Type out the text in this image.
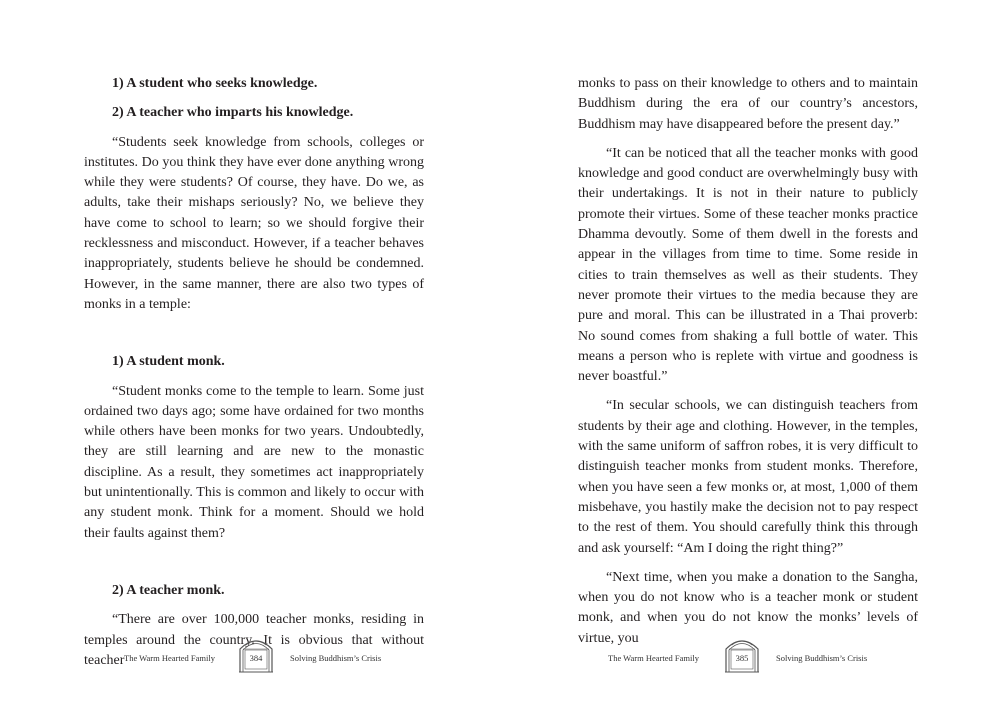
1) A student who seeks knowledge.

2) A teacher who imparts his knowledge.

“Students seek knowledge from schools, colleges or institutes. Do you think they have ever done anything wrong while they were students? Of course, they have. Do we, as adults, take their mishaps seriously? No, we believe they have come to school to learn; so we should forgive their recklessness and misconduct. However, if a teacher behaves inappropriately, students believe he should be condemned. However, in the same manner, there are also two types of monks in a temple:

1) A student monk.

“Student monks come to the temple to learn. Some just ordained two days ago; some have ordained for two months while others have been monks for two years. Undoubtedly, they are still learning and are new to the monastic discipline. As a result, they sometimes act inappropriately but unintentionally. This is common and likely to occur with any student monk. Think for a moment. Should we hold their faults against them?

2) A teacher monk.

“There are over 100,000 teacher monks, residing in temples around the country. It is obvious that without teacher The Warm Hearted Family	384	Solving Buddhism’s Crisis

monks to pass on their knowledge to others and to maintain Buddhism during the era of our country’s ancestors, Buddhism may have disappeared before the present day.”

“It can be noticed that all the teacher monks with good knowledge and good conduct are overwhelmingly busy with their undertakings. It is not in their nature to publicly promote their virtues. Some of these teacher monks practice Dhamma devoutly. Some of them dwell in the forests and appear in the villages from time to time. Some reside in cities to train themselves as well as their students. They never promote their virtues to the media because they are pure and moral. This can be illustrated in a Thai proverb: No sound comes from shaking a full bottle of water. This means a person who is replete with virtue and goodness is never boastful.”

“In secular schools, we can distinguish teachers from students by their age and clothing. However, in the temples, with the same uniform of saffron robes, it is very difficult to distinguish teacher monks from student monks. Therefore, when you have seen a few monks or, at most, 1,000 of them misbehave, you hastily make the decision not to pay respect to the rest of them. You should carefully think this through and ask yourself: “Am I doing the right thing?”

“Next time, when you make a donation to the Sangha, when you do not know who is a teacher monk or student monk, and when you do not know the monks’ levels of virtue, you

The Warm Hearted Family	385	Solving Buddhism’s Crisis
